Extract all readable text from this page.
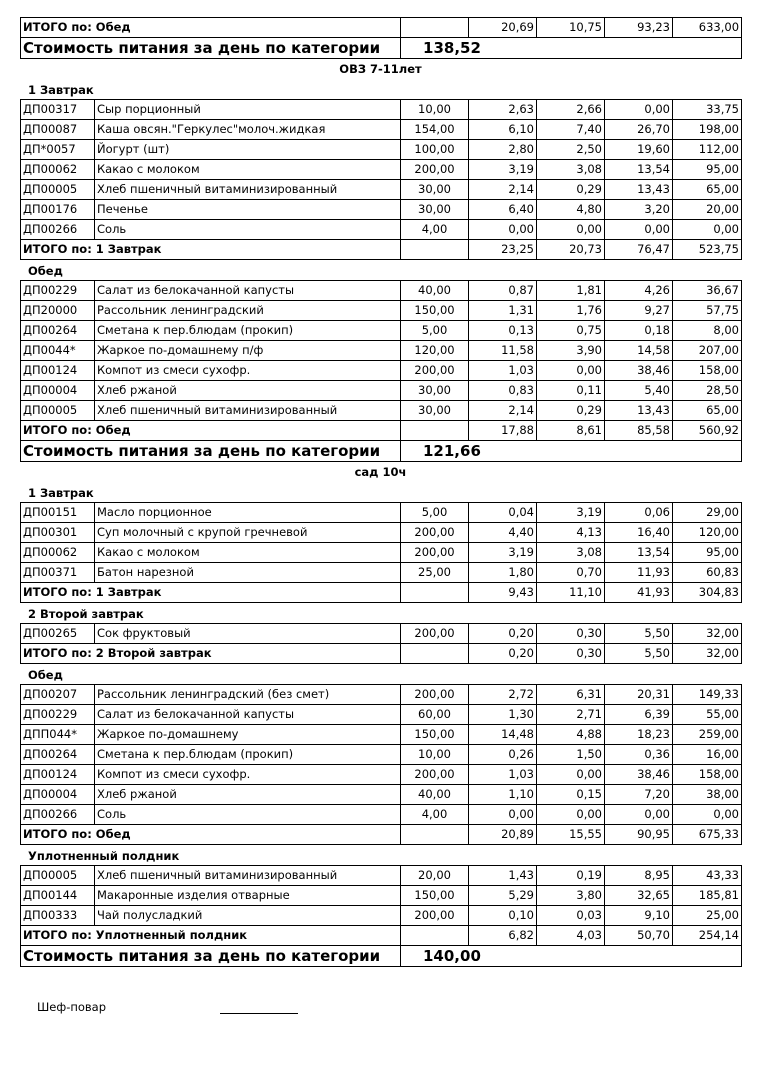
ИТОГО по: Обед		20,69	10,75	93,23	633,00
Стоимость питания за день по категории	138,52				
ОВЗ 7-11лет
1 Завтрак
ДП00317	Сыр порционный	10,00	2,63	2,66	0,00	33,75
ДП00087	Каша овсян."Геркулес"молоч.жидкая	154,00	6,10	7,40	26,70	198,00
ДП*0057	Йогурт (шт)	100,00	2,80	2,50	19,60	112,00
ДП00062	Какао с молоком	200,00	3,19	3,08	13,54	95,00
ДП00005	Хлеб пшеничный витаминизированный	30,00	2,14	0,29	13,43	65,00
ДП00176	Печенье	30,00	6,40	4,80	3,20	20,00
ДП00266	Соль	4,00	0,00	0,00	0,00	0,00
ИТОГО по: 1 Завтрак			23,25	20,73	76,47	523,75
Обед
ДП00229	Салат из белокачанной капусты	40,00	0,87	1,81	4,26	36,67
ДП20000	Рассольник ленинградский	150,00	1,31	1,76	9,27	57,75
ДП00264	Сметана к пер.блюдам (прокип)	5,00	0,13	0,75	0,18	8,00
ДП0044*	Жаркое по-домашнему п/ф	120,00	11,58	3,90	14,58	207,00
ДП00124	Компот из смеси сухофр.	200,00	1,03	0,00	38,46	158,00
ДП00004	Хлеб ржаной	30,00	0,83	0,11	5,40	28,50
ДП00005	Хлеб пшеничный витаминизированный	30,00	2,14	0,29	13,43	65,00
ИТОГО по: Обед			17,88	8,61	85,58	560,92
Стоимость питания за день по категории		121,66				
сад 10ч
1 Завтрак
ДП00151	Масло порционное	5,00	0,04	3,19	0,06	29,00
ДП00301	Суп молочный с крупой гречневой	200,00	4,40	4,13	16,40	120,00
ДП00062	Какао с молоком	200,00	3,19	3,08	13,54	95,00
ДП00371	Батон нарезной	25,00	1,80	0,70	11,93	60,83
ИТОГО по: 1 Завтрак			9,43	11,10	41,93	304,83
2 Второй завтрак
ДП00265	Сок фруктовый	200,00	0,20	0,30	5,50	32,00
ИТОГО по: 2 Второй завтрак			0,20	0,30	5,50	32,00
Обед
ДП00207	Рассольник ленинградский (без смет)	200,00	2,72	6,31	20,31	149,33
ДП00229	Салат из белокачанной капусты	60,00	1,30	2,71	6,39	55,00
ДПП044*	Жаркое по-домашнему	150,00	14,48	4,88	18,23	259,00
ДП00264	Сметана к пер.блюдам (прокип)	10,00	0,26	1,50	0,36	16,00
ДП00124	Компот из смеси сухофр.	200,00	1,03	0,00	38,46	158,00
ДП00004	Хлеб ржаной	40,00	1,10	0,15	7,20	38,00
ДП00266	Соль	4,00	0,00	0,00	0,00	0,00
ИТОГО по: Обед			20,89	15,55	90,95	675,33
Уплотненный полдник
ДП00005	Хлеб пшеничный витаминизированный	20,00	1,43	0,19	8,95	43,33
ДП00144	Макаронные изделия отварные	150,00	5,29	3,80	32,65	185,81
ДП00333	Чай полусладкий	200,00	0,10	0,03	9,10	25,00
ИТОГО по: Уплотненный полдник			6,82	4,03	50,70	254,14
Стоимость питания за день по категории		140,00				
Шеф-повар
